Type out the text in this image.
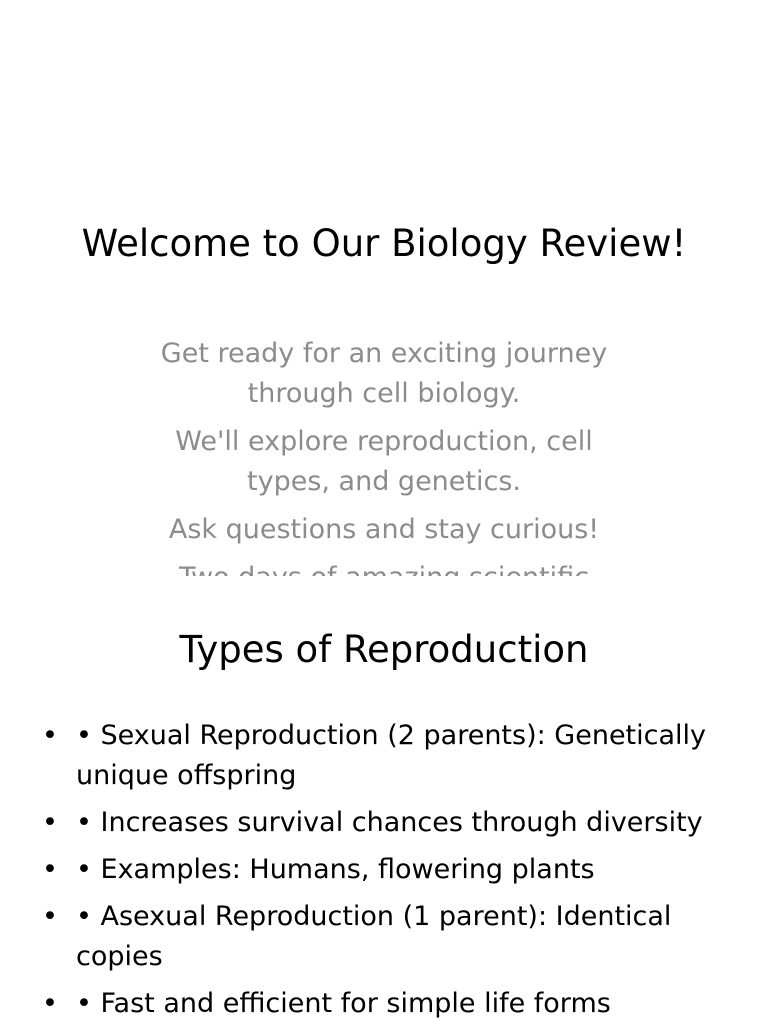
Welcome to Our Biology Review!

Get ready for an exciting journey through cell biology.

We'll explore reproduction, cell types, and genetics.

Ask questions and stay curious!

Types of Reproduction
• • Sexual Reproduction (2 parents): Genetically unique offspring
• • Increases survival chances through diversity
• • Examples: Humans, flowering plants
• • Asexual Reproduction (1 parent): Identical copies
• • Fast and efficient for simple life forms
